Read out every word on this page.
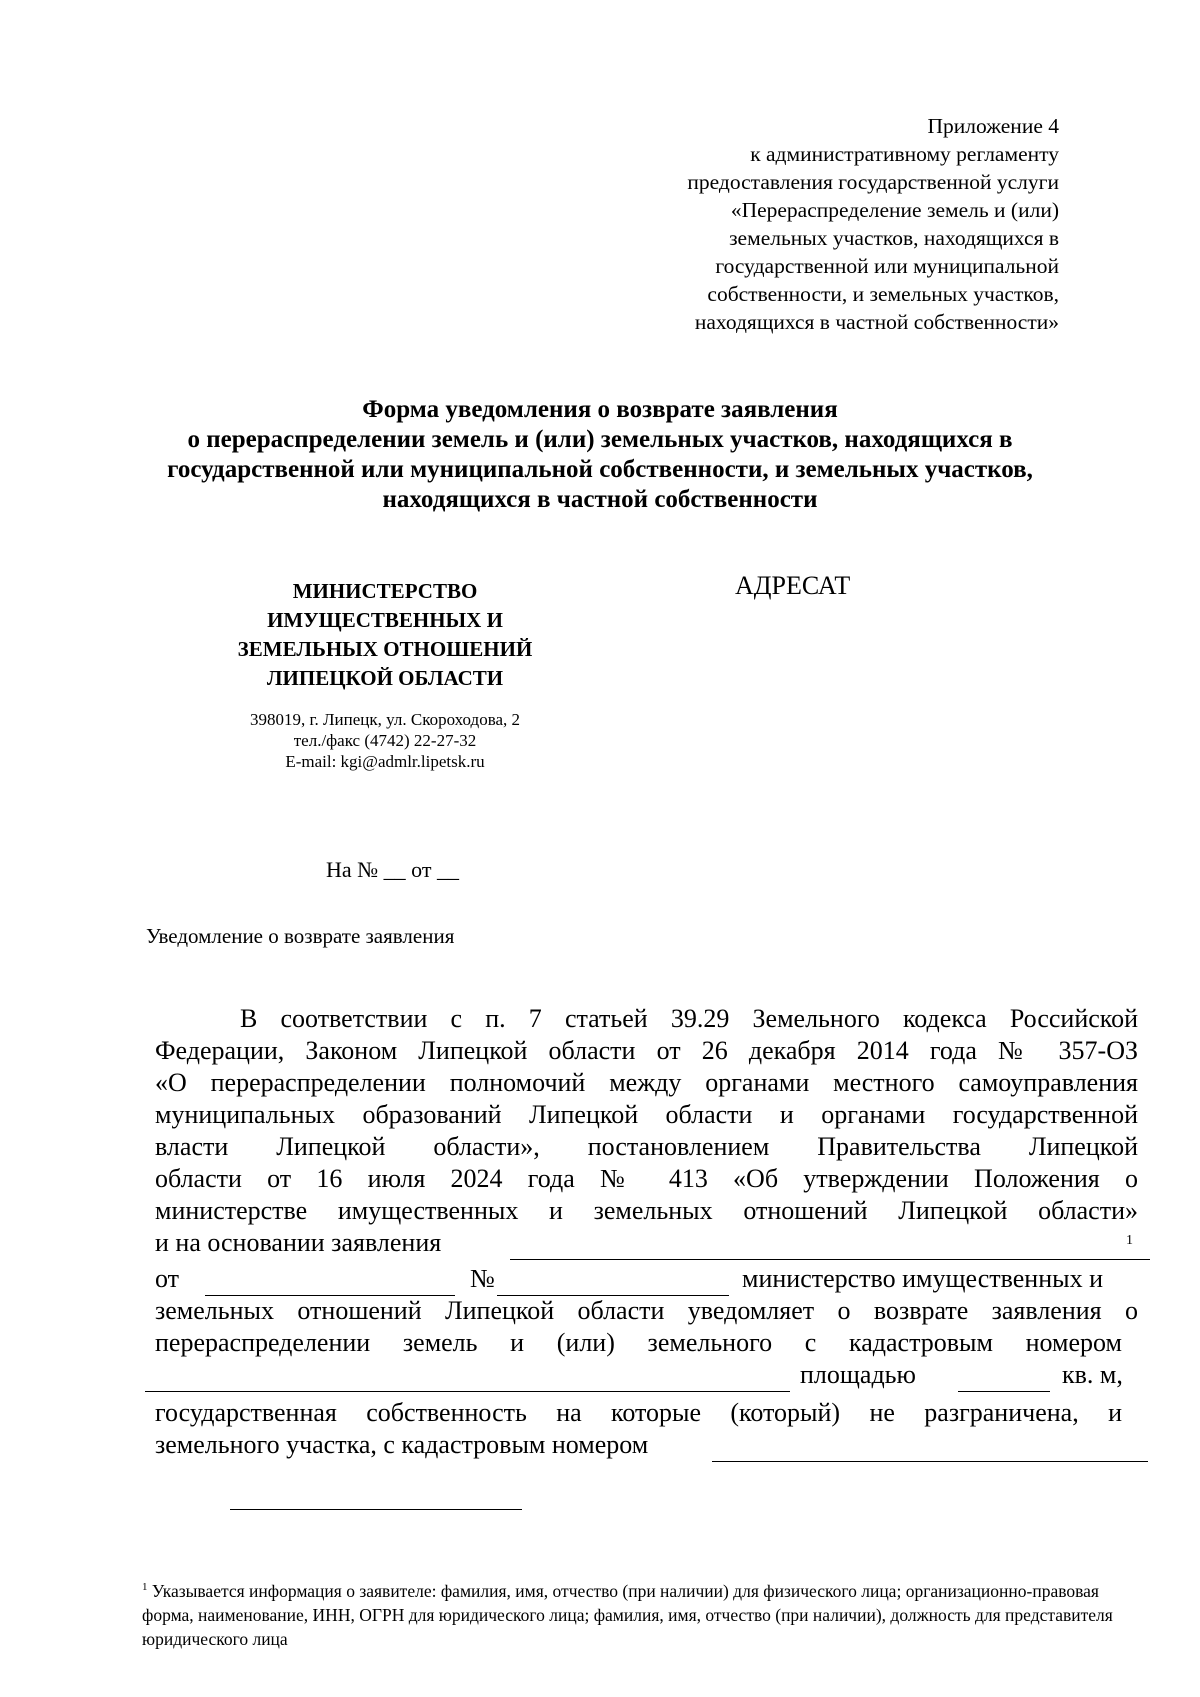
Приложение 4
к административному регламенту
предоставления государственной услуги
«Перераспределение земель и (или)
земельных участков, находящихся в
государственной или муниципальной
собственности, и земельных участков,
находящихся в частной собственности»
Форма уведомления о возврате заявления
о перераспределении земель и (или) земельных участков, находящихся в
государственной или муниципальной собственности, и земельных участков,
находящихся в частной собственности
МИНИСТЕРСТВО
ИМУЩЕСТВЕННЫХ И
ЗЕМЕЛЬНЫХ ОТНОШЕНИЙ
ЛИПЕЦКОЙ ОБЛАСТИ
398019, г. Липецк, ул. Скороходова, 2
тел./факс (4742) 22-27-32
E-mail: kgi@admlr.lipetsk.ru
АДРЕСАТ
На № __ от __
Уведомление о возврате заявления
В соответствии с п. 7 статьей 39.29 Земельного кодекса Российской
Федерации, Законом Липецкой области от 26 декабря 2014 года № 357-ОЗ
«О перераспределении полномочий между органами местного самоуправления
муниципальных образований Липецкой области и органами государственной
власти Липецкой области», постановлением Правительства Липецкой
области от 16 июля 2024 года № 413 «Об утверждении Положения о
министерстве имущественных и земельных отношений Липецкой области»
и на основании заявления	1
от	№	министерство имущественных и
земельных отношений Липецкой области уведомляет о возврате заявления о
перераспределении земель и (или) земельного с кадастровым номером
площадью	кв. м,
государственная собственность на которые (который) не разграничена, и
земельного участка, с кадастровым номером
$^1$ Указывается информация о заявителе: фамилия, имя, отчество (при наличии) для физического лица; организационно-правовая форма, наименование, ИНН, ОГРН для юридического лица; фамилия, имя, отчество (при наличии), должность для представителя юридического лица
